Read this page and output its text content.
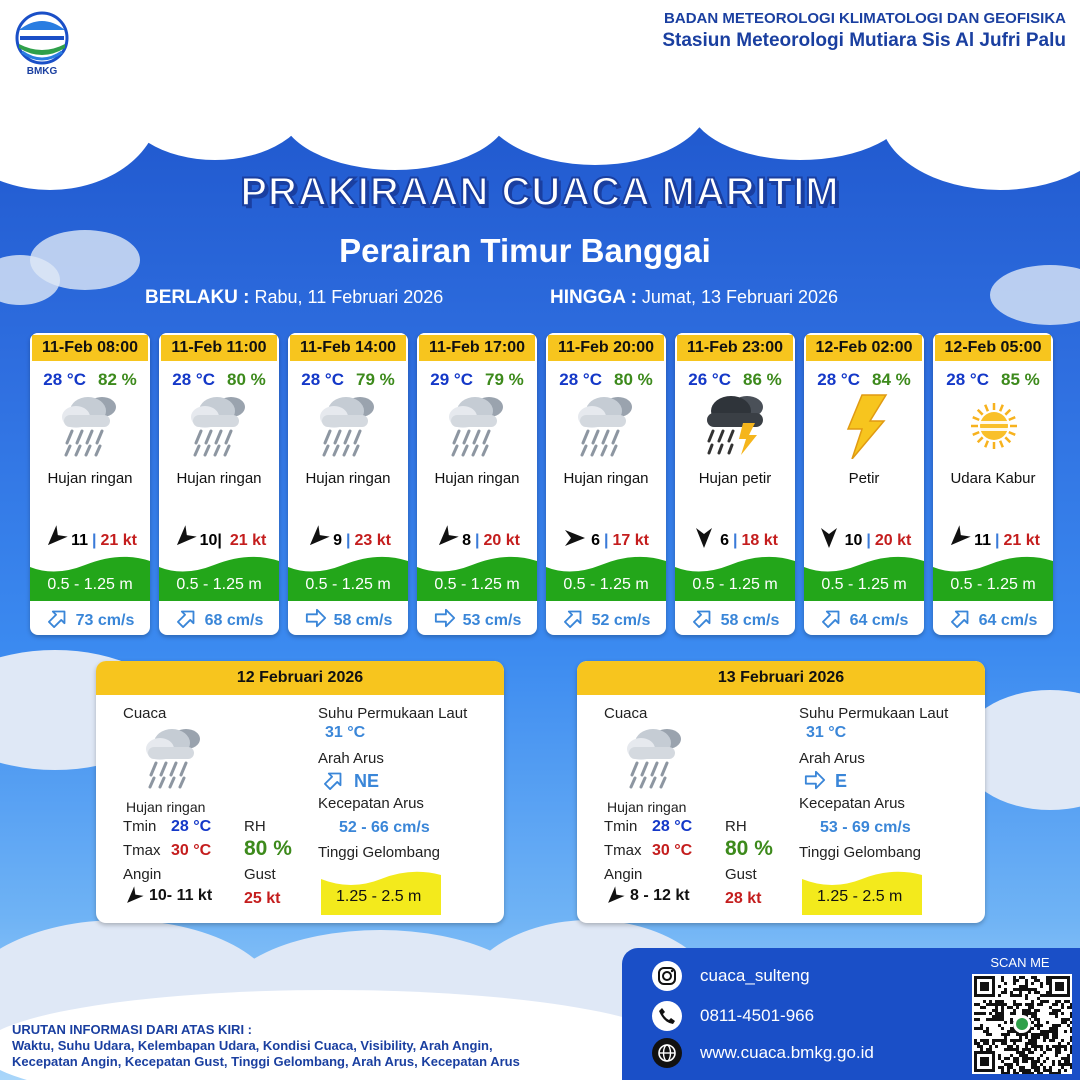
BMKG
BADAN METEOROLOGI KLIMATOLOGI DAN GEOFISIKA
Stasiun Meteorologi Mutiara Sis Al Jufri Palu
PRAKIRAAN CUACA MARITIM
Perairan Timur Banggai
BERLAKU : Rabu, 11 Februari 2026	HINGGA : Jumat, 13 Februari 2026
11-Feb 08:00
28 °C 82 %
Hujan ringan
11 | 21 kt
0.5 - 1.25 m
73 cm/s
11-Feb 11:00
28 °C 80 %
Hujan ringan
10| 21 kt
0.5 - 1.25 m
68 cm/s
11-Feb 14:00
28 °C 79 %
Hujan ringan
9 | 23 kt
0.5 - 1.25 m
58 cm/s
11-Feb 17:00
29 °C 79 %
Hujan ringan
8 | 20 kt
0.5 - 1.25 m
53 cm/s
11-Feb 20:00
28 °C 80 %
Hujan ringan
6 | 17 kt
0.5 - 1.25 m
52 cm/s
11-Feb 23:00
26 °C 86 %
Hujan petir
6 | 18 kt
0.5 - 1.25 m
58 cm/s
12-Feb 02:00
28 °C 84 %
Petir
10 | 20 kt
0.5 - 1.25 m
64 cm/s
12-Feb 05:00
28 °C 85 %
Udara Kabur
11 | 21 kt
0.5 - 1.25 m
64 cm/s
12 Februari 2026
Cuaca
Hujan ringan
Tmin 28 °C
Tmax 30 °C
RH
80 %
Angin
10- 11 kt
Gust
25 kt
Suhu Permukaan Laut
31 °C
Arah Arus
NE
Kecepatan Arus
52 - 66 cm/s
Tinggi Gelombang
1.25 - 2.5 m
13 Februari 2026
Cuaca
Hujan ringan
Tmin 28 °C
Tmax 30 °C
RH
80 %
Angin
8 - 12 kt
Gust
28 kt
Suhu Permukaan Laut
31 °C
Arah Arus
E
Kecepatan Arus
53 - 69 cm/s
Tinggi Gelombang
1.25 - 2.5 m
URUTAN INFORMASI DARI ATAS KIRI :
Waktu, Suhu Udara, Kelembapan Udara, Kondisi Cuaca, Visibility, Arah Angin,
Kecepatan Angin, Kecepatan Gust, Tinggi Gelombang, Arah Arus, Kecepatan Arus
cuaca_sulteng
0811-4501-966
www.cuaca.bmkg.go.id
SCAN ME
